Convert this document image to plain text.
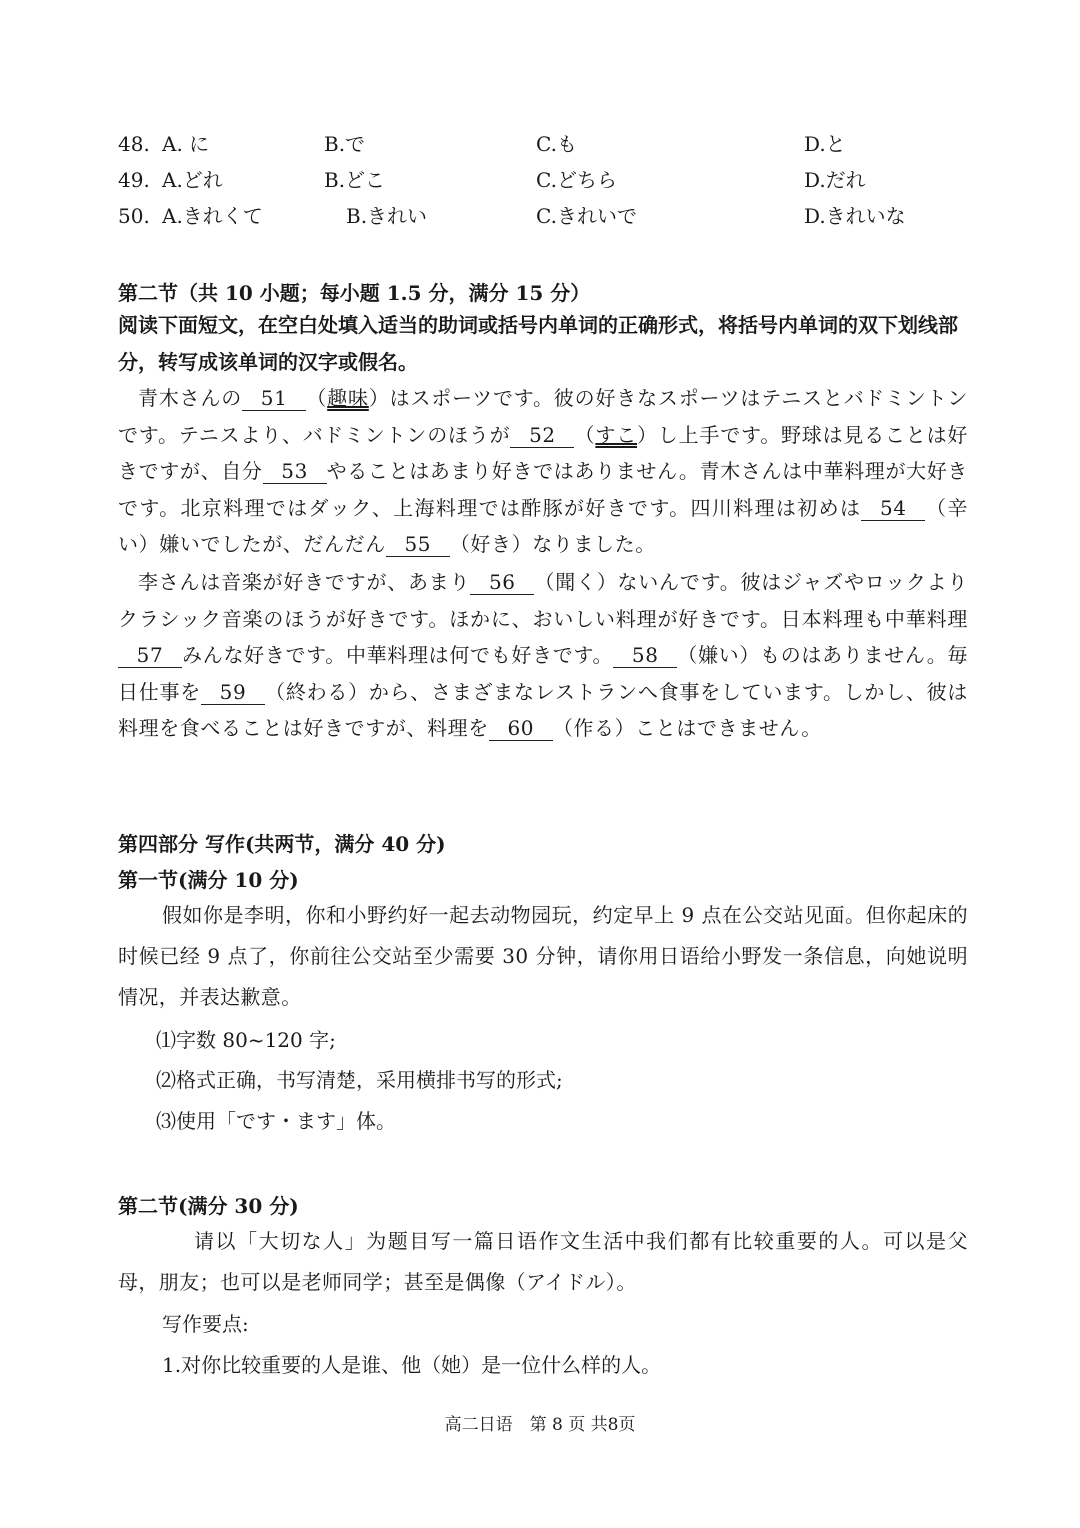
48. A. に	B.で	C.も	D.と
49. A.どれ	B.どこ	C.どちら	D.だれ
50. A.きれくて	B.きれい	C.きれいで	D.きれいな
第二节（共 10 小题；每小题 1.5 分，满分 15 分）
阅读下面短文，在空白处填入适当的助词或括号内单词的正确形式，将括号内单词的双下划线部分，转写成该单词的汉字或假名。
青木さんの 51 （趣味）はスポーツです。彼の好きなスポーツはテニスとバドミントンです。テニスより、バドミントンのほうが 52 （すこ）し上手です。野球は見ることは好きですが、自分 53 やることはあまり好きではありません。青木さんは中華料理が大好きです。北京料理ではダック、上海料理では酢豚が好きです。四川料理は初めは 54 （辛い）嫌いでしたが、だんだん 55 （好き）なりました。
李さんは音楽が好きですが、あまり 56 （聞く）ないんです。彼はジャズやロックよりクラシック音楽のほうが好きです。ほかに、おいしい料理が好きです。日本料理も中華料理57 みんな好きです。中華料理は何でも好きです。 58 （嫌い）ものはありません。毎日仕事を 59 （終わる）から、さまざまなレストランへ食事をしています。しかし、彼は料理を食べることは好きですが、料理を 60 （作る）ことはできません。
第四部分 写作(共两节，满分 40 分)
第一节(满分 10 分)
假如你是李明，你和小野约好一起去动物园玩，约定早上 9 点在公交站见面。但你起床的时候已经 9 点了，你前往公交站至少需要 30 分钟，请你用日语给小野发一条信息，向她说明情况，并表达歉意。
⑴字数 80~120 字;
⑵格式正确，书写清楚，采用横排书写的形式;
⑶使用「です・ます」体。
第二节(满分 30 分)
请以「大切な人」为题目写一篇日语作文生活中我们都有比较重要的人。可以是父母，朋友；也可以是老师同学；甚至是偶像（アイドル）。
写作要点:
1.对你比较重要的人是谁、他（她）是一位什么样的人。
高二日语　第 8 页 共8页
